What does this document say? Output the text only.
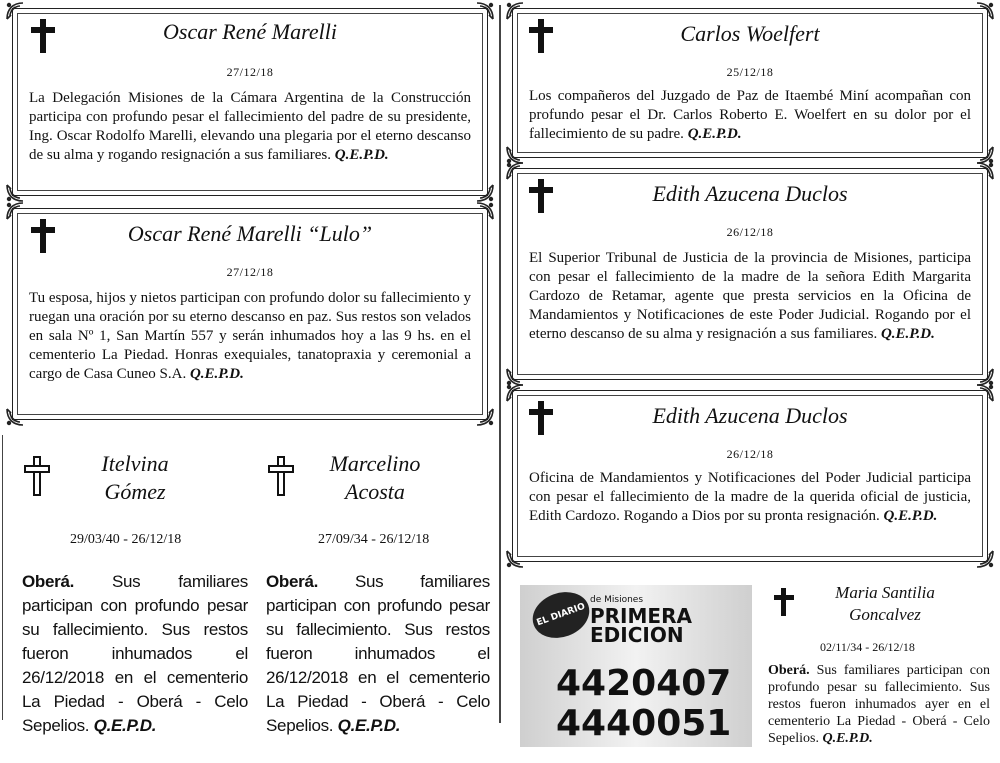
Oscar René Marelli
27/12/18
La Delegación Misiones de la Cámara Argentina de la Construcción participa con profundo pesar el fallecimiento del padre de su presidente, Ing. Oscar Rodolfo Marelli, elevando una plegaria por el eterno descanso de su alma y rogando resignación a sus familiares. Q.E.P.D.
Oscar René Marelli “Lulo”
27/12/18
Tu esposa, hijos y nietos participan con profundo dolor su fallecimiento y ruegan una oración por su eterno descanso en paz. Sus restos son velados en sala Nº 1, San Martín 557 y serán inhumados hoy a las 9 hs. en el cementerio La Piedad. Honras exequiales, tanatopraxia y ceremonial a cargo de Casa Cuneo S.A. Q.E.P.D.
Carlos Woelfert
25/12/18
Los compañeros del Juzgado de Paz de Itaembé Miní acompañan con profundo pesar el Dr. Carlos Roberto E. Woelfert en su dolor por el fallecimiento de su padre. Q.E.P.D.
Edith Azucena Duclos
26/12/18
El Superior Tribunal de Justicia de la provincia de Misiones, participa con pesar el fallecimiento de la madre de la señora Edith Margarita Cardozo de Retamar, agente que presta servicios en la Oficina de Mandamientos y Notificaciones de este Poder Judicial. Rogando por el eterno descanso de su alma y resignación a sus familiares. Q.E.P.D.
Edith Azucena Duclos
26/12/18
Oficina de Mandamientos y Notificaciones del Poder Judicial participa con pesar el fallecimiento de la madre de la querida oficial de justicia, Edith Cardozo. Rogando a Dios por su pronta resignación. Q.E.P.D.
Itelvina
Gómez
29/03/40 - 26/12/18
Oberá. Sus familiares participan con profundo pesar su fallecimiento. Sus restos fueron inhumados el 26/12/2018 en el cementerio La Piedad - Oberá - Celo Sepelios. Q.E.P.D.
Marcelino
Acosta
27/09/34 - 26/12/18
Oberá. Sus familiares participan con profundo pesar su fallecimiento. Sus restos fueron inhumados el 26/12/2018 en el cementerio La Piedad - Oberá - Celo Sepelios. Q.E.P.D.
EL DIARIO
de Misiones
PRIMERA
EDICION
4420407
4440051
Maria Santilia
Goncalvez
02/11/34 - 26/12/18
Oberá. Sus familiares participan con profundo pesar su fallecimiento. Sus restos fueron inhumados ayer en el cementerio La Piedad - Oberá - Celo Sepelios. Q.E.P.D.
